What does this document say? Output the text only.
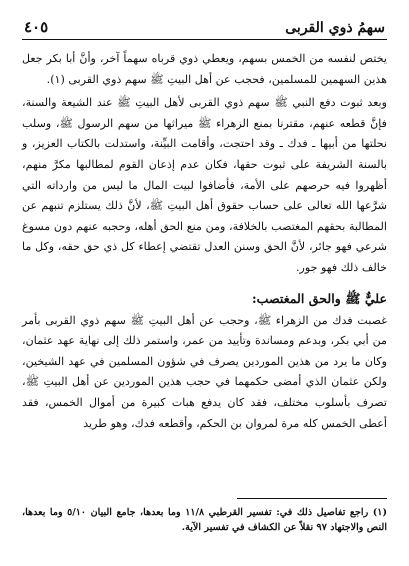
سهمُ ذوي القربى
٤٠٥

يختص لنفسه من الخمس بسهم، ويعطي ذوي قرباه سهماً آخر، وأنَّ أبا بكر جعل هذين السهمين للمسلمين، فحجب عن أهل البيتِ ﷺ سهم ذوي القربى (١).

وبعد ثبوت دفع النبي ﷺ سهم ذوي القربى لأهل البيتِ ﷺ عند الشيعة والسنة، فإنَّ قطعه عنهم، مقترنا بمنع الزهراء ﷺ ميراثها من سهم الرسول ﷺ، وسلب نحلتها من أبيها ـ فدك ـ وقد احتجت، وأقامت البيِّنة، واستدلت بالكتاب العزيز، و بالسنة الشريفة على ثبوت حقها، فكان عدم إذعان القوم لمطالبها مكرَّ منهم، أظهروا فيه حرصهم على الأمة، فأضافوا لبيت المال ما ليس من وارداته التي شرَّعها الله تعالى على حساب حقوق أهل البيتِ ﷺ، لأنَّ ذلك يستلزم تنبهم عن المطالبة بحقهم المغتصب بالخلافة، ومن منع الحق أهله، وحجبه عنهم دون مسوغ شرعي فهو جائر، لأنَّ الحق وسنن العدل تقتضي إعطاء كل ذي حق حقه، وكل ما خالف ذلك فهو جور.

عليٌّ ﷺ والحق المغتصب:

غصبت فدك من الزهراء ﷺ، وحجب عن أهل البيتِ ﷺ سهم ذوي القربى بأمر من أبي بكر، وبدعم ومساندة وتأييد من عمر، واستمر ذلك إلى نهاية عهد عثمان، وكان ما يرد من هذين الموردين يصرف في شؤون المسلمين في عهد الشيخين، ولكن عثمان الذي أمضى حكمهما في حجب هذين الموردين عن أهل البيتِ ﷺ، تصرف بأسلوب مختلف، فقد كان يدفع هبات كبيرة من أموال الخمس، فقد أعطى الخمس كله مرة لمروان بن الحكم، وأقطعه فدك، وهو طريد

(١) راجع تفاصيل ذلك في: تفسير القرطبي ١١/٨ وما بعدها، جامع البيان ٥/١٠ وما بعدها، النص والاجتهاد ٩٧ نقلاً عن الكشاف في تفسير الآية.
